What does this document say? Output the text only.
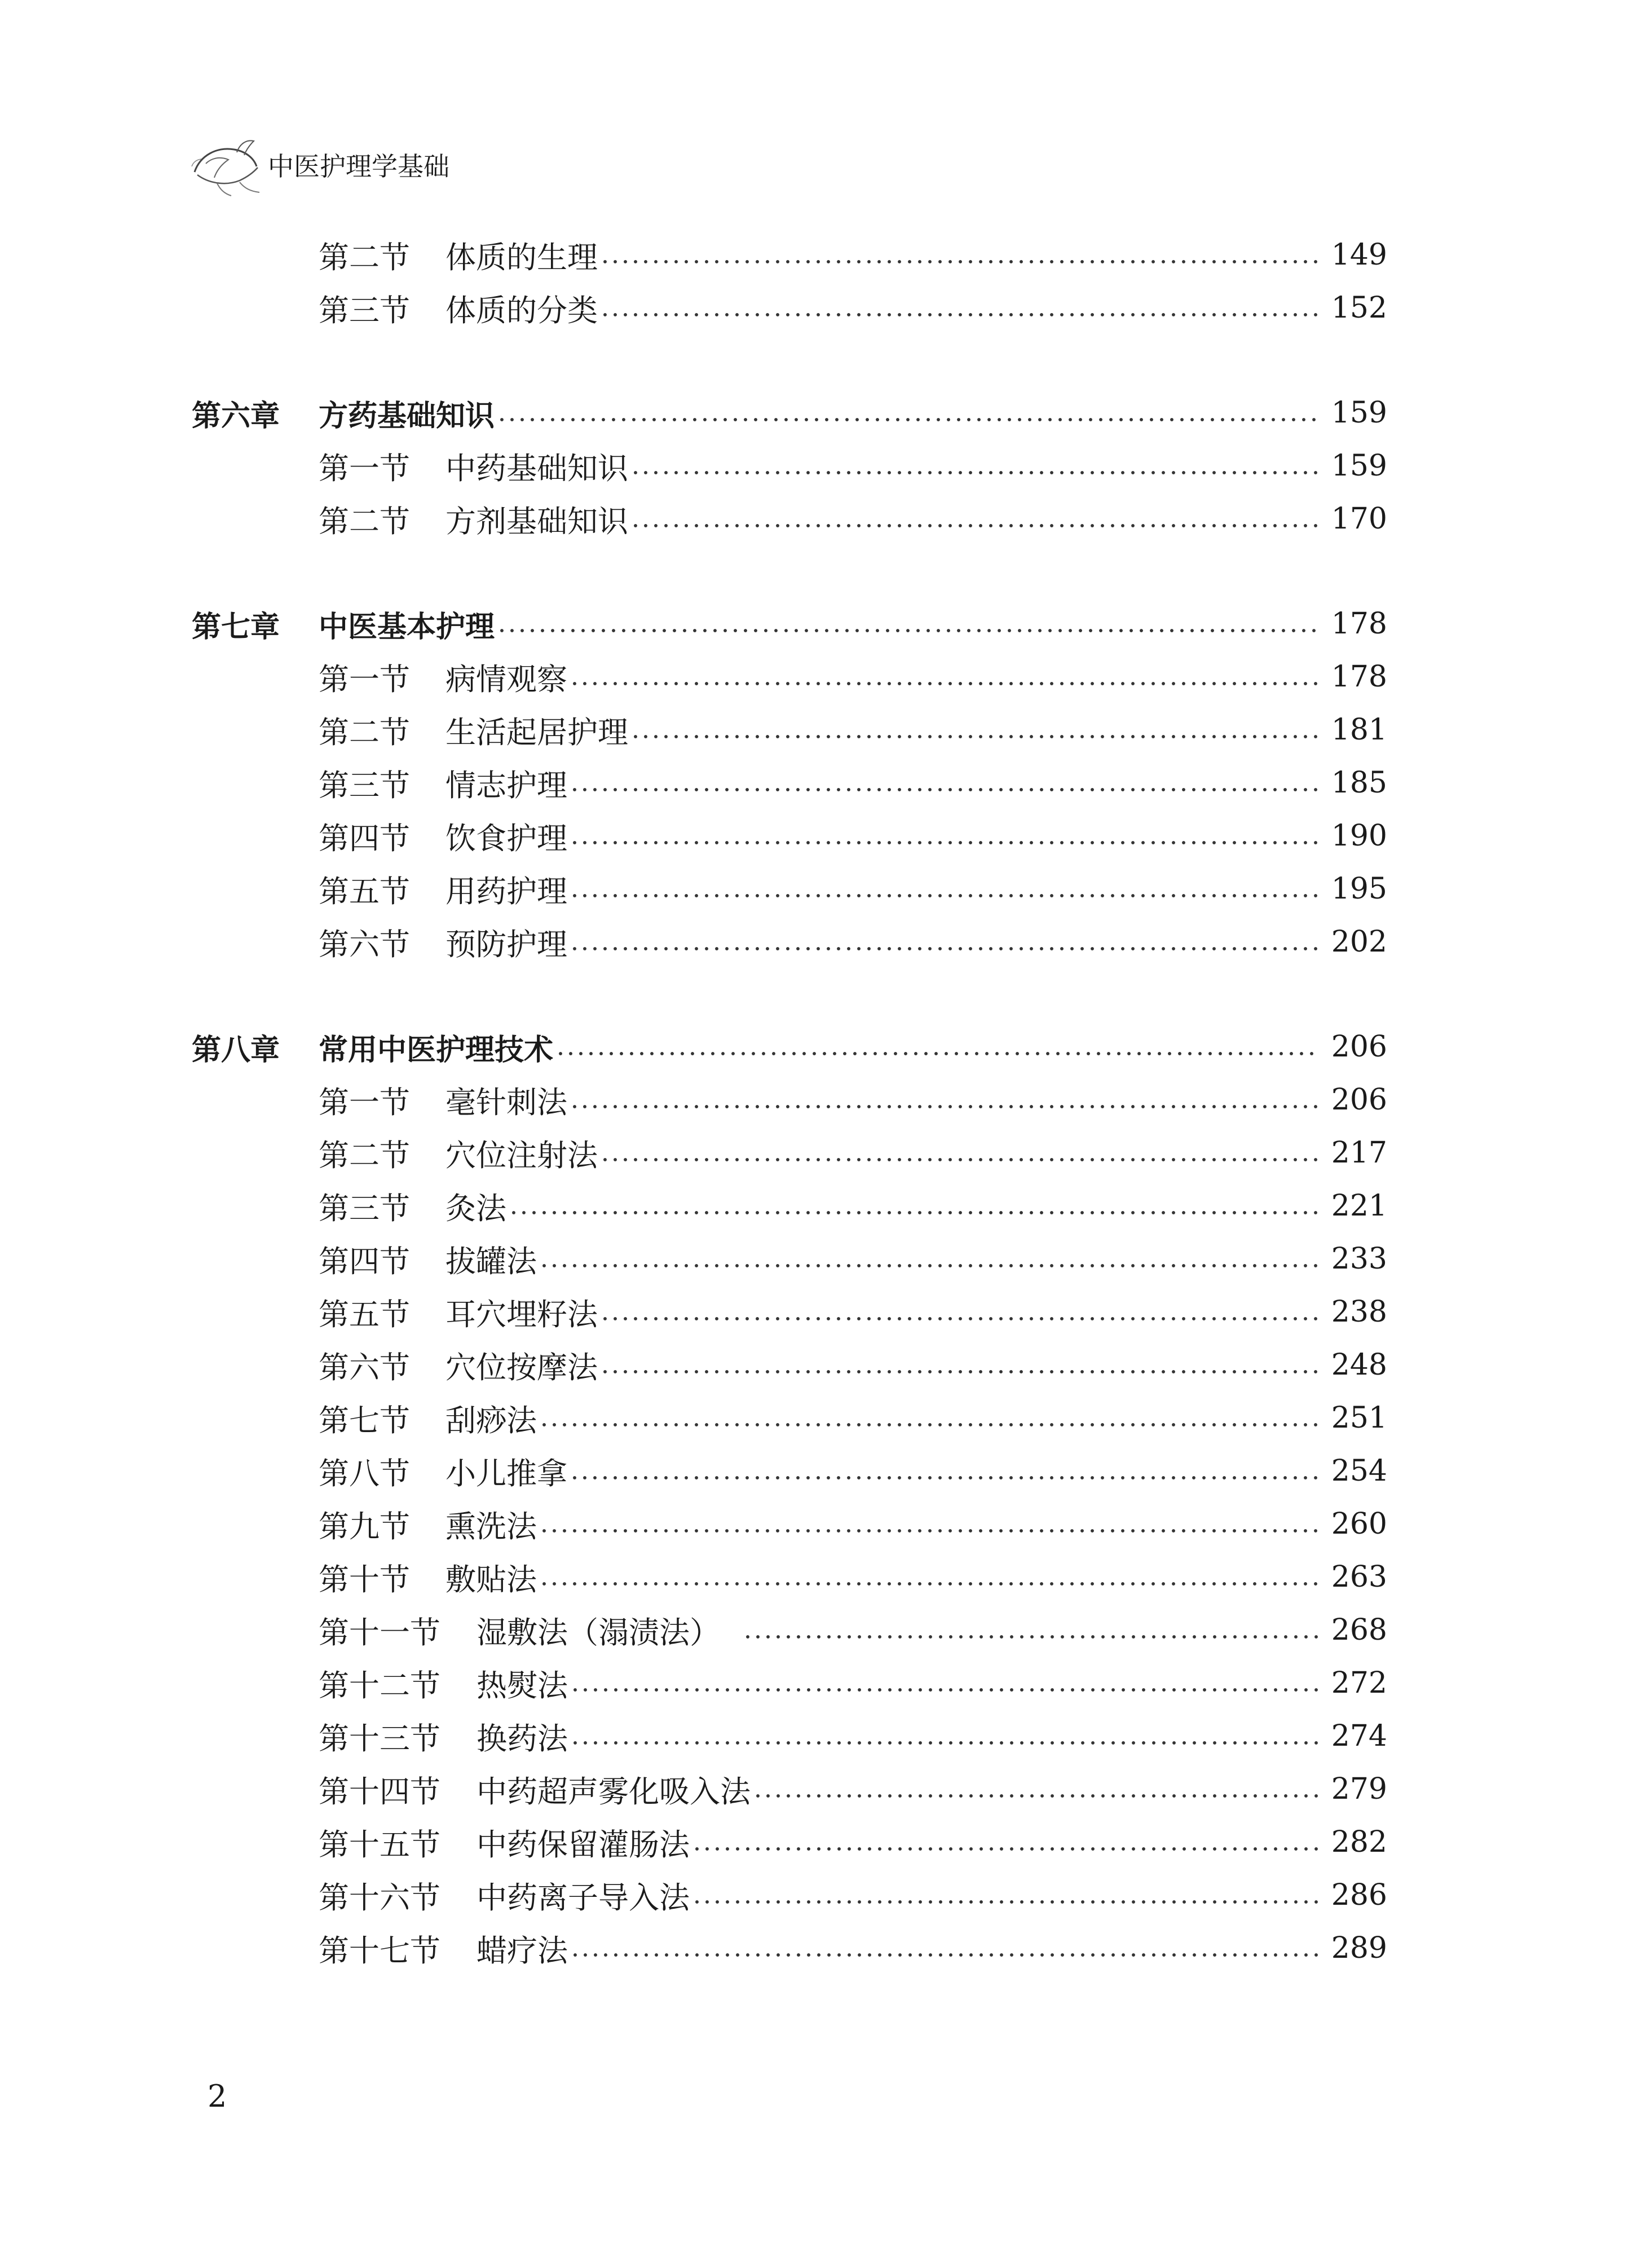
中医护理学基础
第二节	体质的生理	149
第三节	体质的分类	152
第六章	方药基础知识	159
第一节	中药基础知识	159
第二节	方剂基础知识	170
第七章	中医基本护理	178
第一节	病情观察	178
第二节	生活起居护理	181
第三节	情志护理	185
第四节	饮食护理	190
第五节	用药护理	195
第六节	预防护理	202
第八章	常用中医护理技术	206
第一节	毫针刺法	206
第二节	穴位注射法	217
第三节	灸法	221
第四节	拔罐法	233
第五节	耳穴埋籽法	238
第六节	穴位按摩法	248
第七节	刮痧法	251
第八节	小儿推拿	254
第九节	熏洗法	260
第十节	敷贴法	263
第十一节	湿敷法（溻渍法）	268
第十二节	热熨法	272
第十三节	换药法	274
第十四节	中药超声雾化吸入法	279
第十五节	中药保留灌肠法	282
第十六节	中药离子导入法	286
第十七节	蜡疗法	289
2
